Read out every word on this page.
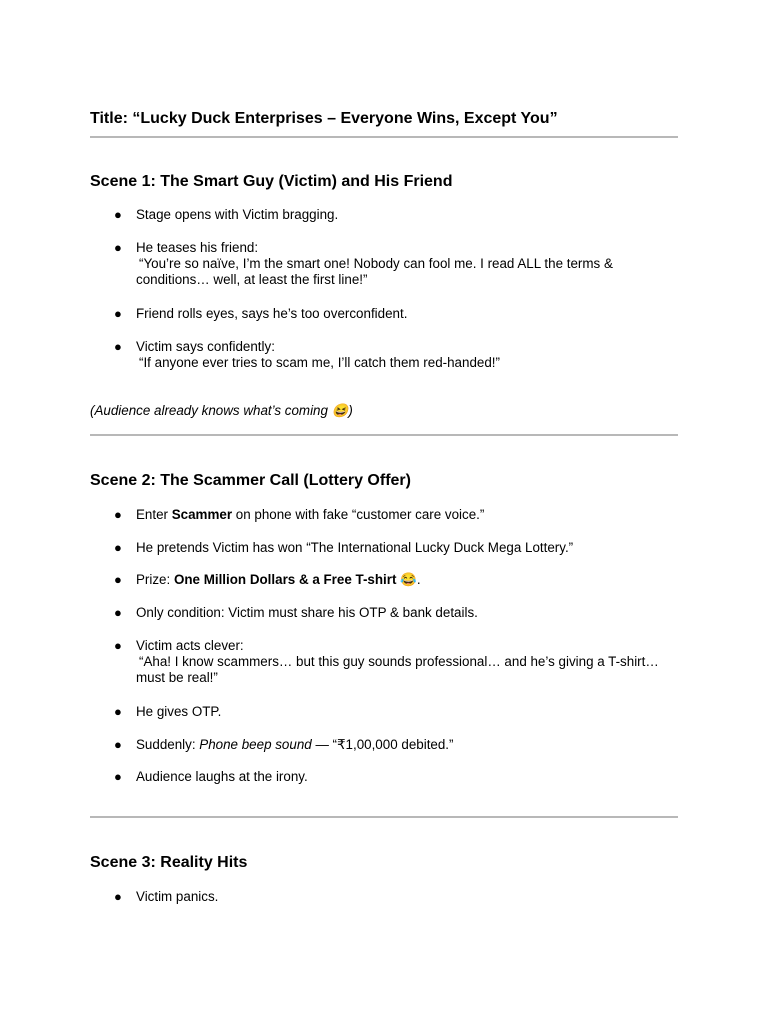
Title: “Lucky Duck Enterprises – Everyone Wins, Except You”
Scene 1: The Smart Guy (Victim) and His Friend
● Stage opens with Victim bragging.
● He teases his friend:
“You’re so naïve, I’m the smart one! Nobody can fool me. I read ALL the terms & conditions… well, at least the first line!”
● Friend rolls eyes, says he’s too overconfident.
● Victim says confidently:
“If anyone ever tries to scam me, I’ll catch them red-handed!”

(Audience already knows what’s coming 😆)

Scene 2: The Scammer Call (Lottery Offer)
● Enter Scammer on phone with fake “customer care voice.”
● He pretends Victim has won “The International Lucky Duck Mega Lottery.”
● Prize: One Million Dollars & a Free T-shirt 😂.
● Only condition: Victim must share his OTP & bank details.
● Victim acts clever:
“Aha! I know scammers… but this guy sounds professional… and he’s giving a T-shirt… must be real!”
● He gives OTP.
● Suddenly: Phone beep sound — “₹1,00,000 debited.”
● Audience laughs at the irony.
Scene 3: Reality Hits
● Victim panics.
